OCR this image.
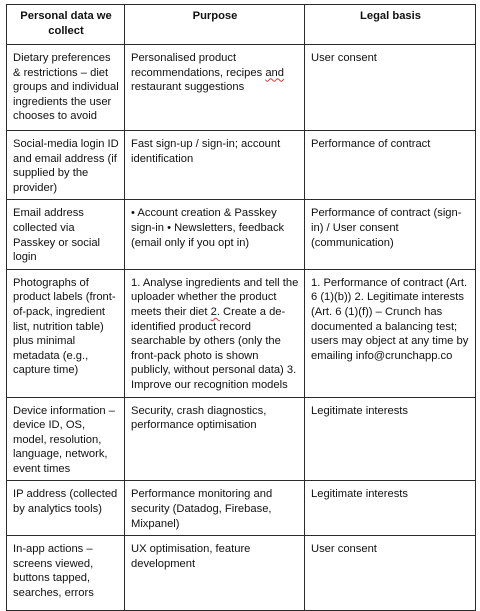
Personal data we collect	Purpose	Legal basis
Dietary preferences & restrictions – diet groups and individual ingredients the user chooses to avoid	Personalised product recommendations, recipes and restaurant suggestions	User consent
Social-media login ID and email address (if supplied by the provider)	Fast sign-up / sign-in; account identification	Performance of contract
Email address collected via Passkey or social login	• Account creation & Passkey sign-in • Newsletters, feedback (email only if you opt in)	Performance of contract (sign-in) / User consent (communication)
Photographs of product labels (front-of-pack, ingredient list, nutrition table) plus minimal metadata (e.g., capture time)	1. Analyse ingredients and tell the uploader whether the product meets their diet 2. Create a de-identified product record searchable by others (only the front-pack photo is shown publicly, without personal data) 3. Improve our recognition models	1. Performance of contract (Art. 6 (1)(b)) 2. Legitimate interests (Art. 6 (1)(f)) – Crunch has documented a balancing test; users may object at any time by emailing info@crunchapp.co
Device information – device ID, OS, model, resolution, language, network, event times	Security, crash diagnostics, performance optimisation	Legitimate interests
IP address (collected by analytics tools)	Performance monitoring and security (Datadog, Firebase, Mixpanel)	Legitimate interests
In-app actions – screens viewed, buttons tapped, searches, errors	UX optimisation, feature development	User consent
